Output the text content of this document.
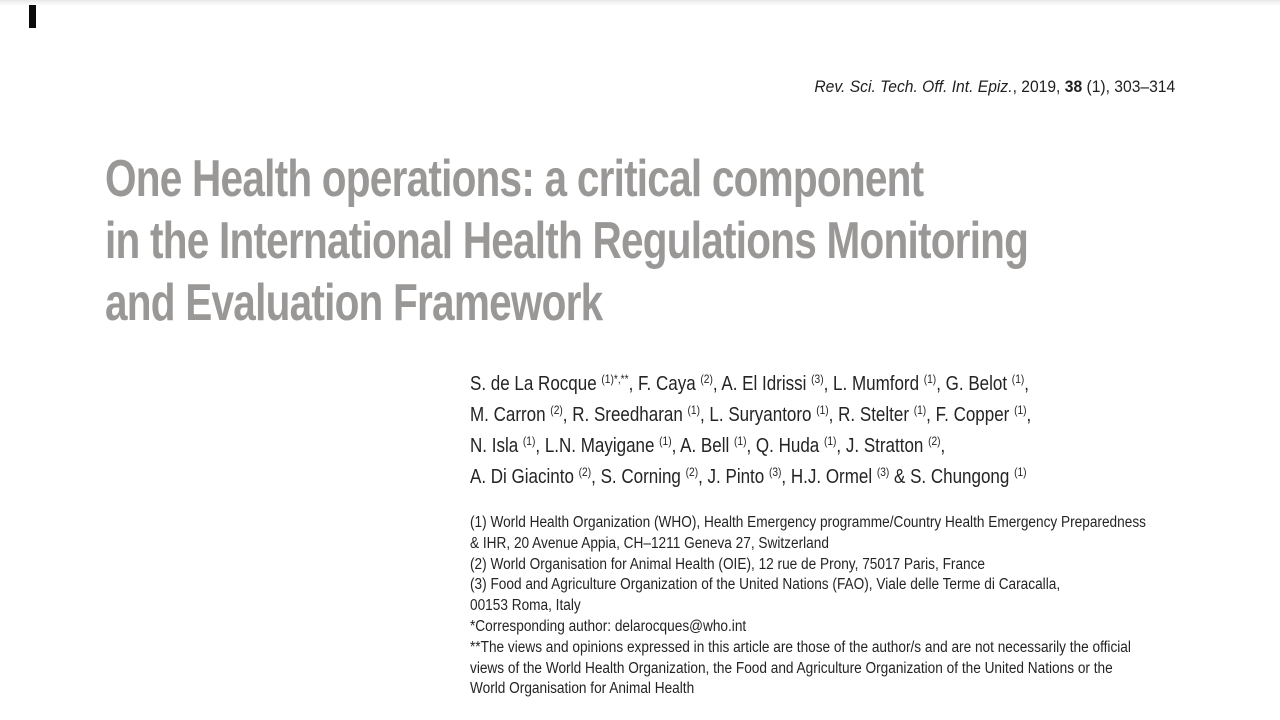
Rev. Sci. Tech. Off. Int. Epiz., 2019, 38 (1), 303–314
One Health operations: a critical component
in the International Health Regulations Monitoring
and Evaluation Framework
S. de La Rocque $^{(1)*,**}$, F. Caya $^{(2)}$, A. El Idrissi $^{(3)}$, L. Mumford $^{(1)}$, G. Belot $^{(1)}$,
M. Carron $^{(2)}$, R. Sreedharan $^{(1)}$, L. Suryantoro $^{(1)}$, R. Stelter $^{(1)}$, F. Copper $^{(1)}$,
N. Isla $^{(1)}$, L.N. Mayigane $^{(1)}$, A. Bell $^{(1)}$, Q. Huda $^{(1)}$, J. Stratton $^{(2)}$,
A. Di Giacinto $^{(2)}$, S. Corning $^{(2)}$, J. Pinto $^{(3)}$, H.J. Ormel $^{(3)}$ & S. Chungong $^{(1)}$
(1) World Health Organization (WHO), Health Emergency programme/Country Health Emergency Preparedness
& IHR, 20 Avenue Appia, CH–1211 Geneva 27, Switzerland
(2) World Organisation for Animal Health (OIE), 12 rue de Prony, 75017 Paris, France
(3) Food and Agriculture Organization of the United Nations (FAO), Viale delle Terme di Caracalla,
00153 Roma, Italy
*Corresponding author: delarocques@who.int
**The views and opinions expressed in this article are those of the author/s and are not necessarily the official
views of the World Health Organization, the Food and Agriculture Organization of the United Nations or the
World Organisation for Animal Health
